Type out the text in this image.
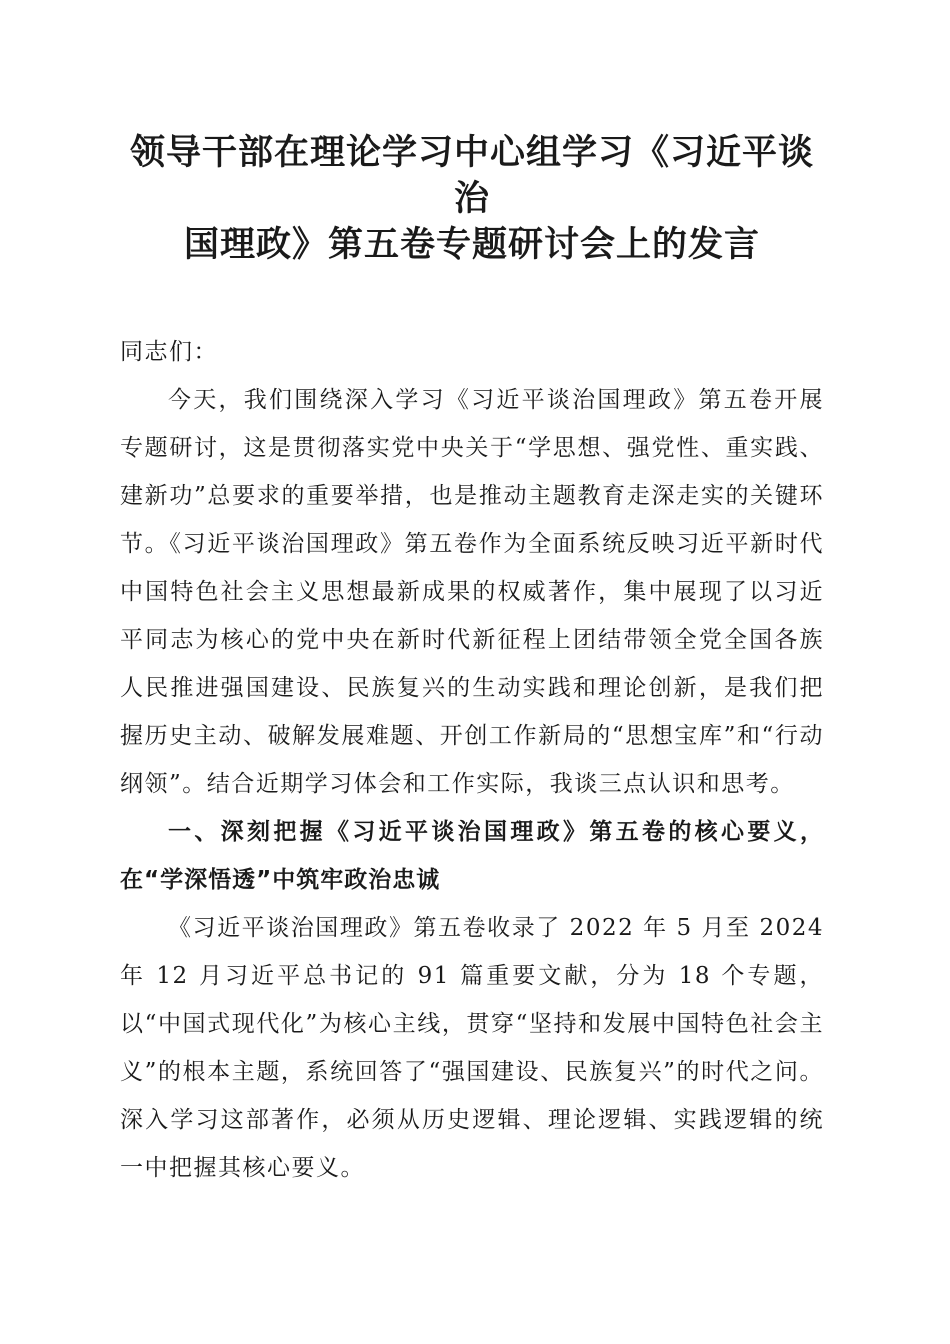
领导干部在理论学习中心组学习《习近平谈治
国理政》第五卷专题研讨会上的发言

同志们：

今天，我们围绕深入学习《习近平谈治国理政》第五卷开展专题研讨，这是贯彻落实党中央关于“学思想、强党性、重实践、建新功”总要求的重要举措，也是推动主题教育走深走实的关键环节。《习近平谈治国理政》第五卷作为全面系统反映习近平新时代中国特色社会主义思想最新成果的权威著作，集中展现了以习近平同志为核心的党中央在新时代新征程上团结带领全党全国各族人民推进强国建设、民族复兴的生动实践和理论创新，是我们把握历史主动、破解发展难题、开创工作新局的“思想宝库”和“行动纲领”。结合近期学习体会和工作实际，我谈三点认识和思考。

一、深刻把握《习近平谈治国理政》第五卷的核心要义，在“学深悟透”中筑牢政治忠诚

《习近平谈治国理政》第五卷收录了 2022 年 5 月至 2024 年 12 月习近平总书记的 91 篇重要文献，分为 18 个专题，以“中国式现代化”为核心主线，贯穿“坚持和发展中国特色社会主义”的根本主题，系统回答了“强国建设、民族复兴”的时代之问。深入学习这部著作，必须从历史逻辑、理论逻辑、实践逻辑的统一中把握其核心要义。
